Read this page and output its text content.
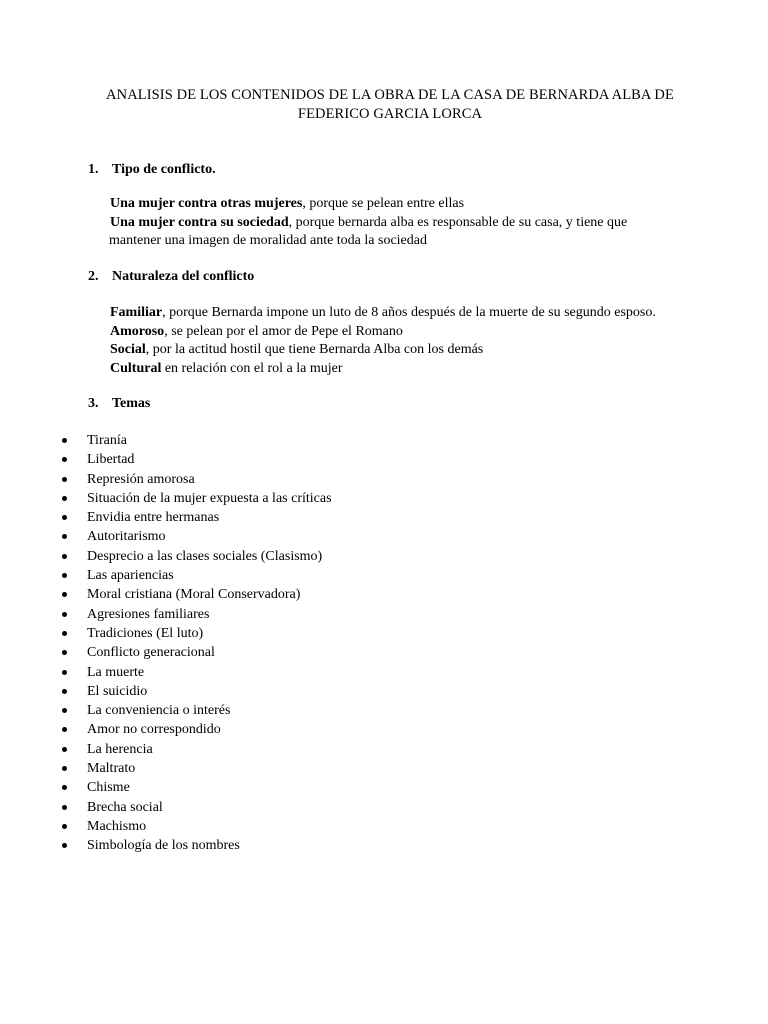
ANALISIS DE LOS CONTENIDOS DE LA OBRA DE LA CASA DE BERNARDA ALBA DE
FEDERICO GARCIA LORCA
1. Tipo de conflicto.
Una mujer contra otras mujeres, porque se pelean entre ellas
Una mujer contra su sociedad, porque bernarda alba es responsable de su casa, y tiene que
mantener una imagen de moralidad ante toda la sociedad
2. Naturaleza del conflicto
Familiar, porque Bernarda impone un luto de 8 años después de la muerte de su segundo esposo.
Amoroso, se pelean por el amor de Pepe el Romano
Social, por la actitud hostil que tiene Bernarda Alba con los demás
Cultural en relación con el rol a la mujer
3. Temas
Tiranía
Libertad
Represión amorosa
Situación de la mujer expuesta a las críticas
Envidia entre hermanas
Autoritarismo
Desprecio a las clases sociales (Clasismo)
Las apariencias
Moral cristiana (Moral Conservadora)
Agresiones familiares
Tradiciones (El luto)
Conflicto generacional
La muerte
El suicidio
La conveniencia o interés
Amor no correspondido
La herencia
Maltrato
Chisme
Brecha social
Machismo
Simbología de los nombres
